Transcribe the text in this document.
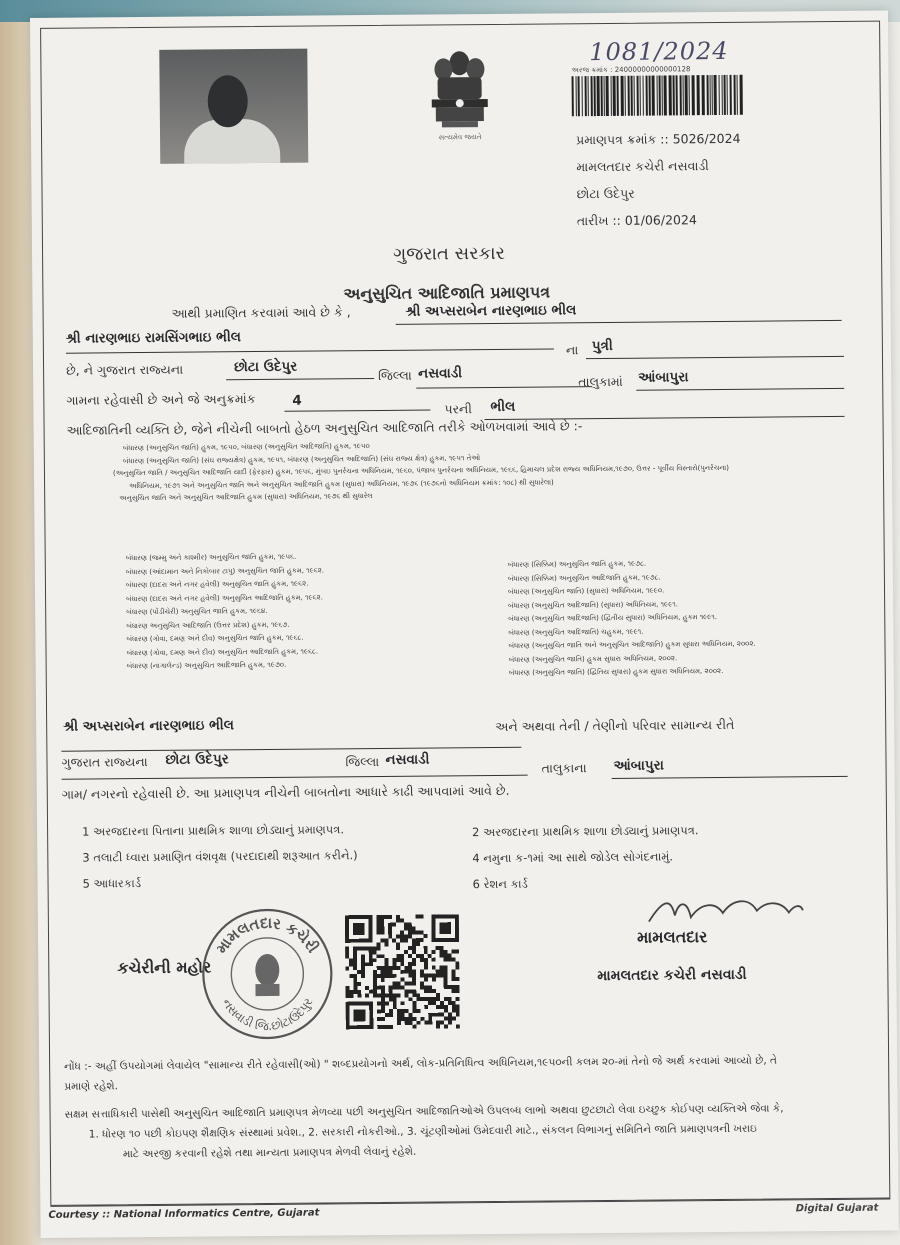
સત્યમેવ જયતે
1081/2024
અરજ ક્રમાંક : 24000000000000128
પ્રમાણપત્ર ક્રમાંક :: 5026/2024
મામલતદાર કચેરી નસવાડી
છોટા ઉદેપુર
તારીખ :: 01/06/2024
ગુજરાત સરકાર
અનુસુચિત આદિજાતિ પ્રમાણપત્ર
આથી પ્રમાણિત કરવામાં આવે છે કે ,	શ્રી અપ્સરાબેન નારણભાઇ ભીલ
શ્રી નારણભાઇ રામસિંગભાઇ ભીલ
ના પુત્રી
છે, ને ગુજરાત રાજ્યના	છોટા ઉદેપુર
જિલ્લા નસવાડી	તાલુકામાં આંબાપુરા
ગામના રહેવાસી છે અને જે અનુક્રમાંક	4
પરની ભીલ
આદિજાતિની વ્યક્તિ છે, જેને નીચેની બાબતો હેઠળ અનુસુચિત આદિજાતિ તરીકે ઓળખવામાં આવે છે :-
બંધારણ (અનુસુચિત જાતિ) હુકમ, ૧૯૫૦, બંધારણ (અનુસુચિત આદિજાતિ) હુકમ, ૧૯૫૦
બંધારણ (અનુસુચિત જાતિ) (સંઘ રાજ્યક્ષેત્ર) હુકમ, ૧૯૫૧, બંધારણ (અનુસુચિત આદિજાતિ) (સંઘ રાજ્ય ક્ષેત્ર) હુકમ, ૧૯૫૧ તેઓ
(અનુસુચિત જાતિ / અનુસુચિત આદિજાતિ યાદી (ફેરફાર) હુકમ, ૧૯૫૬, મુંબઇ પુનર્રચના અધિનિયમ, ૧૯૬૦, પંજાબ પુનર્રચના અધિનિયમ, ૧૯૬૬, હિમાચલ પ્રદેશ રાજ્ય અધિનિયમ,૧૯૭૦, ઉત્તર - પૂર્વીય વિસ્તારો(પુનર્રચના)
અધિનિયમ, ૧૯૭૧ અને અનુસુચિત જાતિ અને અનુસુચિત આદિજાતિ હુકમ (સુધારા) અધિનિયમ, ૧૯૭૬ (૧૯૭૬નો અધિનિયમ ક્રમાંક: ૧૦૮) થી સુધારેલા)
અનુસુચિત જાતિ અને અનુસુચિત આદિજાતિ હુકમ (સુધારા) અધિનિયમ, ૧૯૭૬ થી સુધારેલ
બંધારણ (જમ્મુ અને કાશ્મીર) અનુસુચિત જાતિ હુકમ, ૧૯૫૬.
બંધારણ (આંદામાન અને નિકોબાર ટાપુ) અનુસુચિત જાતિ હુકમ, ૧૯૬૨.
બંધારણ (દાદરા અને નગર હવેલી) અનુસુચિત જાતિ હુકમ, ૧૯૬૨.
બંધારણ (દાદરા અને નગર હવેલી) અનુસુચિત આદિજાતિ હુકમ, ૧૯૬૨.
બંધારણ (પોંડીચેરી) અનુસુચિત જાતિ હુકમ, ૧૯૬૪.
બંધારણ અનુસુચિત આદિજાતિ (ઉત્તર પ્રદેશ) હુકમ, ૧૯૬૭.
બંધારણ (ગોવા, દમણ અને દીવ) અનુસુચિત જાતિ હુકમ, ૧૯૬૮.
બંધારણ (ગોવા, દમણ અને દીવ) અનુસુચિત આદિજાતિ હુકમ, ૧૯૬૮.
બંધારણ (નાગાલેન્ડ) અનુસુચિત આદિજાતિ હુકમ, ૧૯૭૦.
બંધારણ (સિક્કિમ) અનુસુચિત જાતિ હુકમ, ૧૯૭૮.
બંધારણ (સિક્કિમ) અનુસુચિત આદિજાતિ હુકમ, ૧૯૭૮.
બંધારણ (અનુસુચિત જાતિ) (સુધારા) અધિનિયમ, ૧૯૯૦.
બંધારણ (અનુસુચિત આદિજાતિ) (સુધારા) અધિનિયમ, ૧૯૯૧.
બંધારણ (અનુસુચિત આદિજાતિ) (દ્વિતીય સુધારા) અધિનિયમ, હુકમ ૧૯૯૧.
બંધારણ (અનુસુચિત આદિજાતિ) ચહુકમ, ૧૯૯૧.
બંધારણ (અનુસુચિત જાતિ અને અનુસુચિત આદિજાતિ) હુકમ સુધારા અધિનિયમ, ૨૦૦૨.
બંધારણ (અનુસુચિત જાતિ) હુકમ સુધારા અધિનિયમ, ૨૦૦૨.
બંધારણ (અનુસુચિત જાતિ) (દ્વિતિય સુધારા) હુકમ સુધારા અધિનિયમ, ૨૦૦૨.
શ્રી અપ્સરાબેન નારણભાઇ ભીલ	અને અથવા તેની / તેણીનો પરિવાર સામાન્ય રીતે
ગુજરાત રાજ્યના છોટા ઉદેપુર	જિલ્લા નસવાડી	તાલુકાના આંબાપુરા
ગામ/ નગરનો રહેવાસી છે. આ પ્રમાણપત્ર નીચેની બાબતોના આધારે કાઢી આપવામાં આવે છે.
1 અરજદારના પિતાના પ્રાથમિક શાળા છોડ્યાનું પ્રમાણપત્ર.	2 અરજદારના પ્રાથમિક શાળા છોડ્યાનું પ્રમાણપત્ર.
3 તલાટી ધ્વારા પ્રમાણિત વંશવૃક્ષ (પરદાદાથી શરૂઆત કરીને.)	4 નમુના ક-૧માં આ સાથે જોડેલ સોગંદનામું.
5 આધારકાર્ડ	6 રેશન કાર્ડ
કચેરીની મહોર
મામલતદાર કચેરી
નસવાડી જિ.છોટાઉદેપુર
મામલતદાર
મામલતદાર કચેરી નસવાડી
નોંધ :- અહીં ઉપયોગમાં લેવાયેલ "સામાન્ય રીતે રહેવાસી(ઓ) " શબ્દપ્રયોગનો અર્થ, લોક-પ્રતિનિધિત્વ અધિનિયમ,૧૯૫૦ની કલમ ૨૦-માં તેનો જે અર્થ કરવામાં આવ્યો છે, તે
પ્રમાણે રહેશે.
સક્ષમ સત્તાધિકારી પાસેથી અનુસુચિત આદિજાતિ પ્રમાણપત્ર મેળવ્યા પછી અનુસુચિત આદિજાતિઓએ ઉપલબ્ધ લાભો અથવા છુટછાટો લેવા ઇચ્છુક કોઈપણ વ્યક્તિએ જેવા કે,
1. ધોરણ ૧૦ પછી કોઇપણ શૈક્ષણિક સંસ્થામાં પ્રવેશ., 2. સરકારી નોકરીઓ., 3. ચૂંટણીઓમાં ઉમેદવારી માટે., સંકલન વિભાગનું સમિતિને જાતિ પ્રમાણપત્રની ખરાઇ
માટે અરજી કરવાની રહેશે તથા માન્યતા પ્રમાણપત્ર મેળવી લેવાનું રહેશે.
Courtesy :: National Informatics Centre, Gujarat	Digital Gujarat
